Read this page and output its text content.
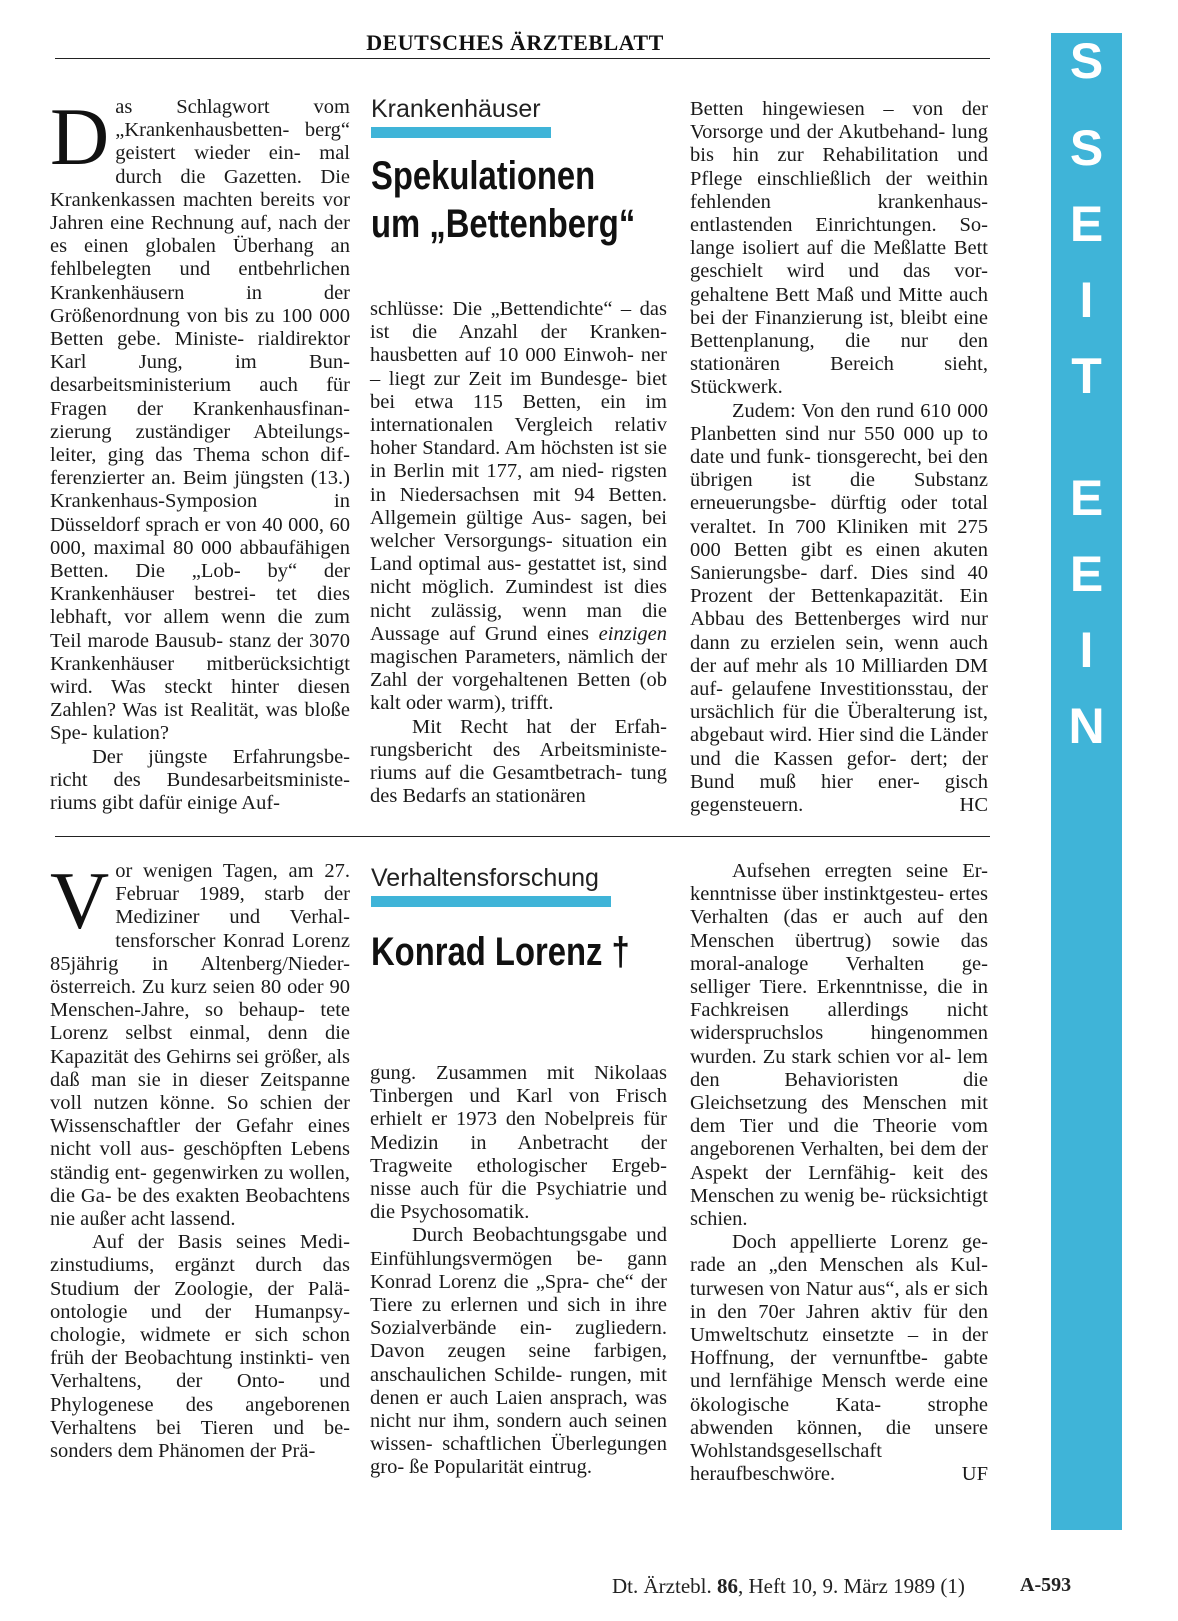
DEUTSCHES ÄRZTEBLATT
S
E
I
T
E
E
I
N
S

Das Schlagwort vom „Krankenhausbetten- berg“ geistert wieder ein- mal durch die Gazetten. Die Krankenkassen machten bereits vor Jahren eine Rechnung auf, nach der es einen globalen Überhang an fehlbelegten und entbehrlichen Krankenhäusern in der Größenordnung von bis zu 100 000 Betten gebe. Ministe- rialdirektor Karl Jung, im Bun- desarbeitsministerium auch für Fragen der Krankenhausfinan- zierung zuständiger Abteilungs- leiter, ging das Thema schon dif- ferenzierter an. Beim jüngsten (13.) Krankenhaus-Symposion in Düsseldorf sprach er von 40 000, 60 000, maximal 80 000 abbaufähigen Betten. Die „Lob- by“ der Krankenhäuser bestrei- tet dies lebhaft, vor allem wenn die zum Teil marode Bausub- stanz der 3070 Krankenhäuser mitberücksichtigt wird. Was steckt hinter diesen Zahlen? Was ist Realität, was bloße Spe- kulation?

Der jüngste Erfahrungsbe- richt des Bundesarbeitsministe- riums gibt dafür einige Auf-

Krankenhäuser
Spekulationen
um „Bettenberg“

schlüsse: Die „Bettendichte“ – das ist die Anzahl der Kranken- hausbetten auf 10 000 Einwoh- ner – liegt zur Zeit im Bundesge- biet bei etwa 115 Betten, ein im internationalen Vergleich relativ hoher Standard. Am höchsten ist sie in Berlin mit 177, am nied- rigsten in Niedersachsen mit 94 Betten. Allgemein gültige Aus- sagen, bei welcher Versorgungs- situation ein Land optimal aus- gestattet ist, sind nicht möglich. Zumindest ist dies nicht zulässig, wenn man die Aussage auf Grund eines einzigen magischen Parameters, nämlich der Zahl der vorgehaltenen Betten (ob kalt oder warm), trifft.

Mit Recht hat der Erfah- rungsbericht des Arbeitsministe- riums auf die Gesamtbetrach- tung des Bedarfs an stationären

Betten hingewiesen – von der Vorsorge und der Akutbehand- lung bis hin zur Rehabilitation und Pflege einschließlich der weithin fehlenden krankenhaus- entlastenden Einrichtungen. So- lange isoliert auf die Meßlatte Bett geschielt wird und das vor- gehaltene Bett Maß und Mitte auch bei der Finanzierung ist, bleibt eine Bettenplanung, die nur den stationären Bereich sieht, Stückwerk.

Zudem: Von den rund 610 000 Planbetten sind nur 550 000 up to date und funk- tionsgerecht, bei den übrigen ist die Substanz erneuerungsbe- dürftig oder total veraltet. In 700 Kliniken mit 275 000 Betten gibt es einen akuten Sanierungsbe- darf. Dies sind 40 Prozent der Bettenkapazität. Ein Abbau des Bettenberges wird nur dann zu erzielen sein, wenn auch der auf mehr als 10 Milliarden DM auf- gelaufene Investitionsstau, der ursächlich für die Überalterung ist, abgebaut wird. Hier sind die Länder und die Kassen gefor- dert; der Bund muß hier ener- gisch gegensteuern.	HC

Vor wenigen Tagen, am 27. Februar 1989, starb der Mediziner und Verhal- tensforscher Konrad Lorenz 85jährig in Altenberg/Nieder- österreich. Zu kurz seien 80 oder 90 Menschen-Jahre, so behaup- tete Lorenz selbst einmal, denn die Kapazität des Gehirns sei größer, als daß man sie in dieser Zeitspanne voll nutzen könne. So schien der Wissenschaftler der Gefahr eines nicht voll aus- geschöpften Lebens ständig ent- gegenwirken zu wollen, die Ga- be des exakten Beobachtens nie außer acht lassend.

Auf der Basis seines Medi- zinstudiums, ergänzt durch das Studium der Zoologie, der Palä- ontologie und der Humanpsy- chologie, widmete er sich schon früh der Beobachtung instinkti- ven Verhaltens, der Onto- und Phylogenese des angeborenen Verhaltens bei Tieren und be- sonders dem Phänomen der Prä-

Verhaltensforschung
Konrad Lorenz †

gung. Zusammen mit Nikolaas Tinbergen und Karl von Frisch erhielt er 1973 den Nobelpreis für Medizin in Anbetracht der Tragweite ethologischer Ergeb- nisse auch für die Psychiatrie und die Psychosomatik.

Durch Beobachtungsgabe und Einfühlungsvermögen be- gann Konrad Lorenz die „Spra- che“ der Tiere zu erlernen und sich in ihre Sozialverbände ein- zugliedern. Davon zeugen seine farbigen, anschaulichen Schilde- rungen, mit denen er auch Laien ansprach, was nicht nur ihm, sondern auch seinen wissen- schaftlichen Überlegungen gro- ße Popularität eintrug.

Aufsehen erregten seine Er- kenntnisse über instinktgesteu- ertes Verhalten (das er auch auf den Menschen übertrug) sowie das moral-analoge Verhalten ge- selliger Tiere. Erkenntnisse, die in Fachkreisen allerdings nicht widerspruchslos hingenommen wurden. Zu stark schien vor al- lem den Behavioristen die Gleichsetzung des Menschen mit dem Tier und die Theorie vom angeborenen Verhalten, bei dem der Aspekt der Lernfähig- keit des Menschen zu wenig be- rücksichtigt schien.

Doch appellierte Lorenz ge- rade an „den Menschen als Kul- turwesen von Natur aus“, als er sich in den 70er Jahren aktiv für den Umweltschutz einsetzte – in der Hoffnung, der vernunftbe- gabte und lernfähige Mensch werde eine ökologische Kata- strophe abwenden können, die unsere Wohlstandsgesellschaft heraufbeschwöre.	UF

Dt. Ärztebl. 86, Heft 10, 9. März 1989 (1)	A-593
